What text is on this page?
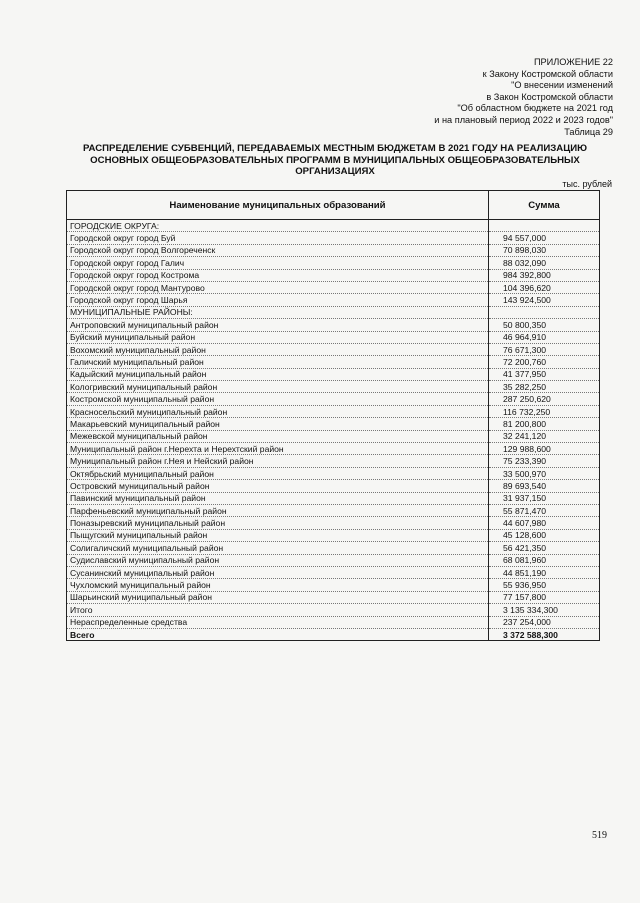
ПРИЛОЖЕНИЕ 22
к Закону Костромской области
"О внесении изменений
в Закон Костромской области
"Об областном бюджете на 2021 год
и на плановый период 2022 и 2023 годов"
Таблица 29
РАСПРЕДЕЛЕНИЕ СУБВЕНЦИЙ, ПЕРЕДАВАЕМЫХ МЕСТНЫМ БЮДЖЕТАМ В 2021 ГОДУ НА РЕАЛИЗАЦИЮ ОСНОВНЫХ ОБЩЕОБРАЗОВАТЕЛЬНЫХ ПРОГРАММ В МУНИЦИПАЛЬНЫХ ОБЩЕОБРАЗОВАТЕЛЬНЫХ ОРГАНИЗАЦИЯХ
тыс. рублей
Наименование муниципальных образований	Сумма
ГОРОДСКИЕ ОКРУГА:	
Городской округ город Буй	94 557,000
Городской округ город Волгореченск	70 898,030
Городской округ город Галич	88 032,090
Городской округ город Кострома	984 392,800
Городской округ город Мантурово	104 396,620
Городской округ город Шарья	143 924,500
МУНИЦИПАЛЬНЫЕ РАЙОНЫ:	
Антроповский муниципальный район	50 800,350
Буйский муниципальный район	46 964,910
Вохомский муниципальный район	76 671,300
Галичский муниципальный район	72 200,760
Кадыйский муниципальный район	41 377,950
Кологривский муниципальный район	35 282,250
Костромской муниципальный район	287 250,620
Красносельский муниципальный район	116 732,250
Макарьевский муниципальный район	81 200,800
Межевской муниципальный район	32 241,120
Муниципальный район г.Нерехта и Нерехтский район	129 988,600
Муниципальный район г.Нея и Нейский район	75 233,390
Октябрьский муниципальный район	33 500,970
Островский муниципальный район	89 693,540
Павинский муниципальный район	31 937,150
Парфеньевский муниципальный район	55 871,470
Поназыревский муниципальный район	44 607,980
Пыщугский муниципальный район	45 128,600
Солигаличский муниципальный район	56 421,350
Судиславский муниципальный район	68 081,960
Сусанинский муниципальный район	44 851,190
Чухломский муниципальный район	55 936,950
Шарьинский муниципальный район	77 157,800
Итого	3 135 334,300
Нераспределенные средства	237 254,000
Всего	3 372 588,300
519
